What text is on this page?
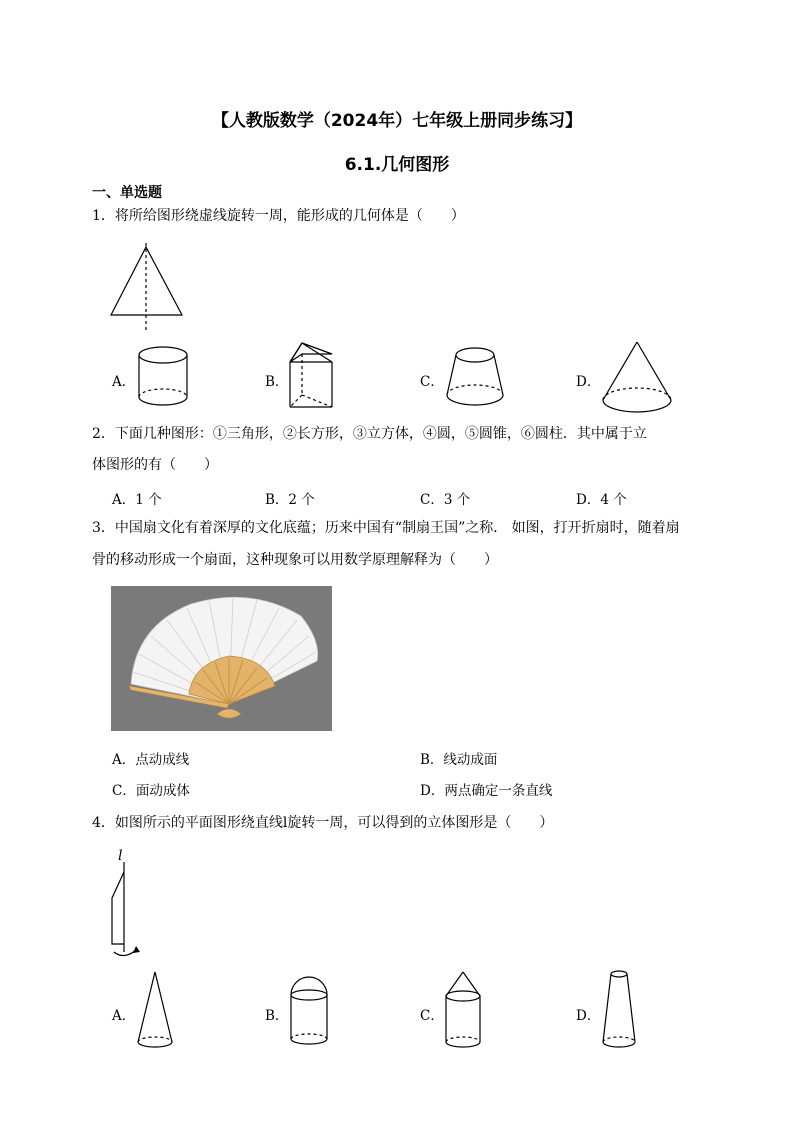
【人教版数学（2024年）七年级上册同步练习】
6.1.几何图形
一、单选题
1．将所给图形绕虚线旋转一周，能形成的几何体是（　　）
A．	B．	C．	D．
2．下面几种图形：①三角形，②长方形，③立方体，④圆，⑤圆锥，⑥圆柱．其中属于立
体图形的有（　　）
A．1 个	B．2 个	C．3 个	D．4 个
3．中国扇文化有着深厚的文化底蕴；历来中国有“制扇王国”之称． 如图，打开折扇时，随着扇
骨的移动形成一个扇面，这种现象可以用数学原理解释为（　　）
A．点动成线	B．线动成面
C．面动成体	D．两点确定一条直线
4．如图所示的平面图形绕直线l旋转一周，可以得到的立体图形是（　　）
l
A．	B．	C．	D．
